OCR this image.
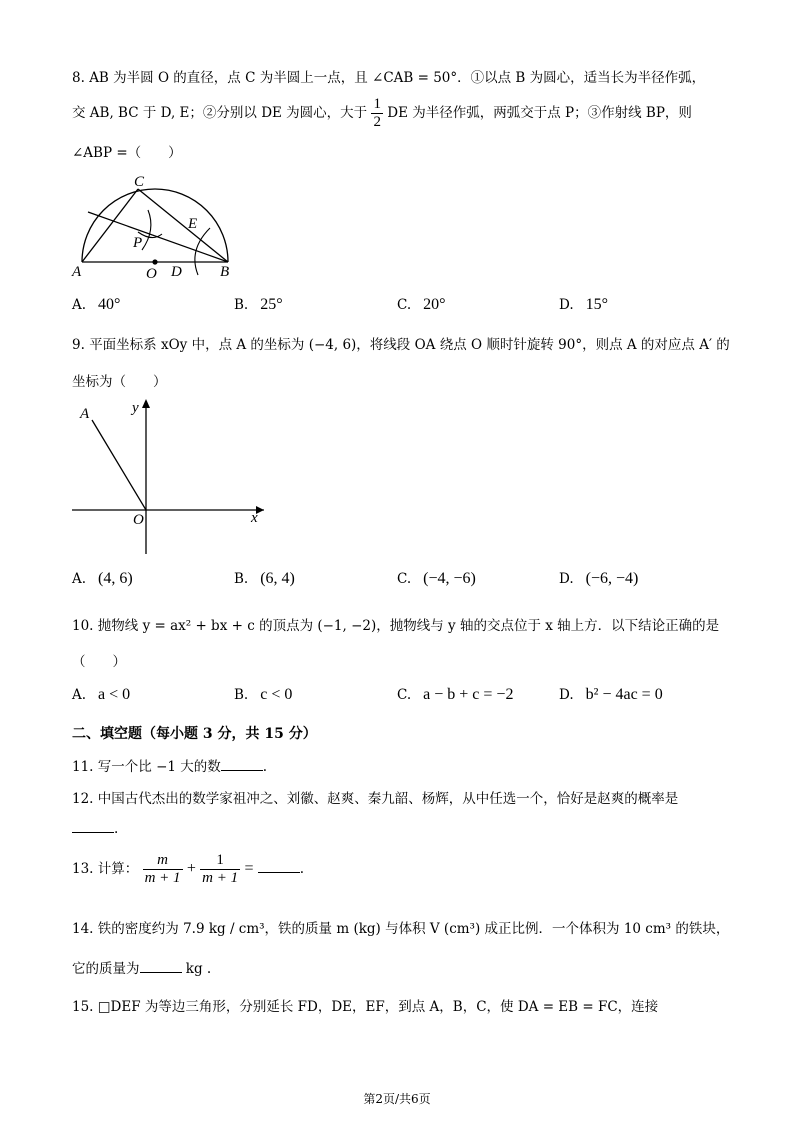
8. AB 为半圆 O 的直径，点 C 为半圆上一点，且 ∠CAB = 50°．①以点 B 为圆心，适当长为半径作弧，
交 AB, BC 于 D, E；②分别以 DE 为圆心，大于 $\frac{1}{2}$ DE 为半径作弧，两弧交于点 P；③作射线 BP，则
∠ABP =（　　）
A	B
C
O D
E
P
A. 40°	B. 25°	C. 20°	D. 15°
9. 平面坐标系 xOy 中，点 A 的坐标为 (−4, 6)，将线段 OA 绕点 O 顺时针旋转 90°，则点 A 的对应点 A′ 的
坐标为（　　）
A	y
x
O
A. (4, 6)	B. (6, 4)	C. (−4, −6)	D. (−6, −4)
10. 抛物线 y = ax² + bx + c 的顶点为 (−1, −2)，抛物线与 y 轴的交点位于 x 轴上方．以下结论正确的是
（　　）
A. a < 0	B. c < 0	C. a − b + c = −2	D. b² − 4ac = 0
二、填空题（每小题 3 分，共 15 分）
11. 写一个比 −1 大的数	.
12. 中国古代杰出的数学家祖冲之、刘徽、赵爽、秦九韶、杨辉，从中任选一个，恰好是赵爽的概率是
.
13. 计算： $\frac{m}{m + 1} + \frac{1}{m + 1}$ =	.
14. 铁的密度约为 7.9 kg / cm³，铁的质量 m (kg) 与体积 V (cm³) 成正比例．一个体积为 10 cm³ 的铁块，
它的质量为	kg .
15. □DEF 为等边三角形，分别延长 FD，DE，EF，到点 A，B，C，使 DA = EB = FC，连接
第2页/共6页
